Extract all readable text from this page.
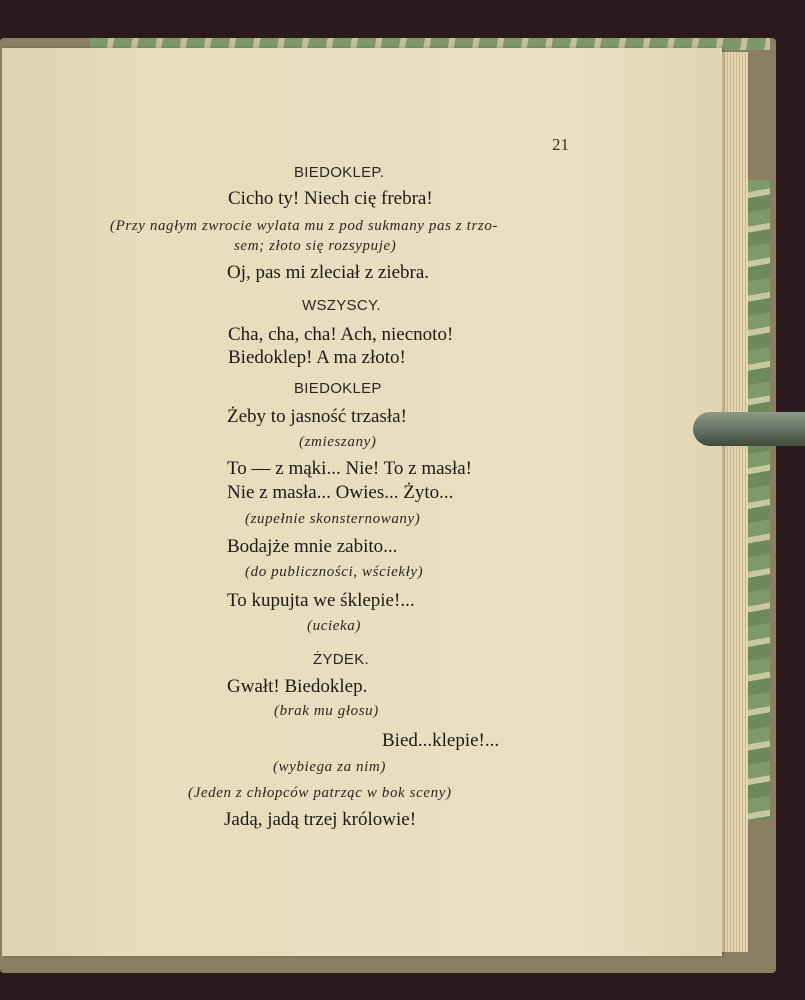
21
BIEDOKLEP.
Cicho ty! Niech cię frebra!
(Przy nagłym zwrocie wylata mu z pod sukmany pas z trzo-
sem; złoto się rozsypuje)
Oj, pas mi zleciał z ziebra.
WSZYSCY.
Cha, cha, cha! Ach, niecnoto!
Biedoklep! A ma złoto!
BIEDOKLEP
Żeby to jasność trzasła!
(zmieszany)
To — z mąki... Nie! To z masła!
Nie z masła... Owies... Żyto...
(zupełnie skonsternowany)
Bodajże mnie zabito...
(do publiczności, wściekły)
To kupujta we śklepie!...
(ucieka)
ŻYDEK.
Gwałt! Biedoklep.
(brak mu głosu)
Bied...klepie!...
(wybiega za nim)
(Jeden z chłopców patrząc w bok sceny)
Jadą, jadą trzej królowie!
